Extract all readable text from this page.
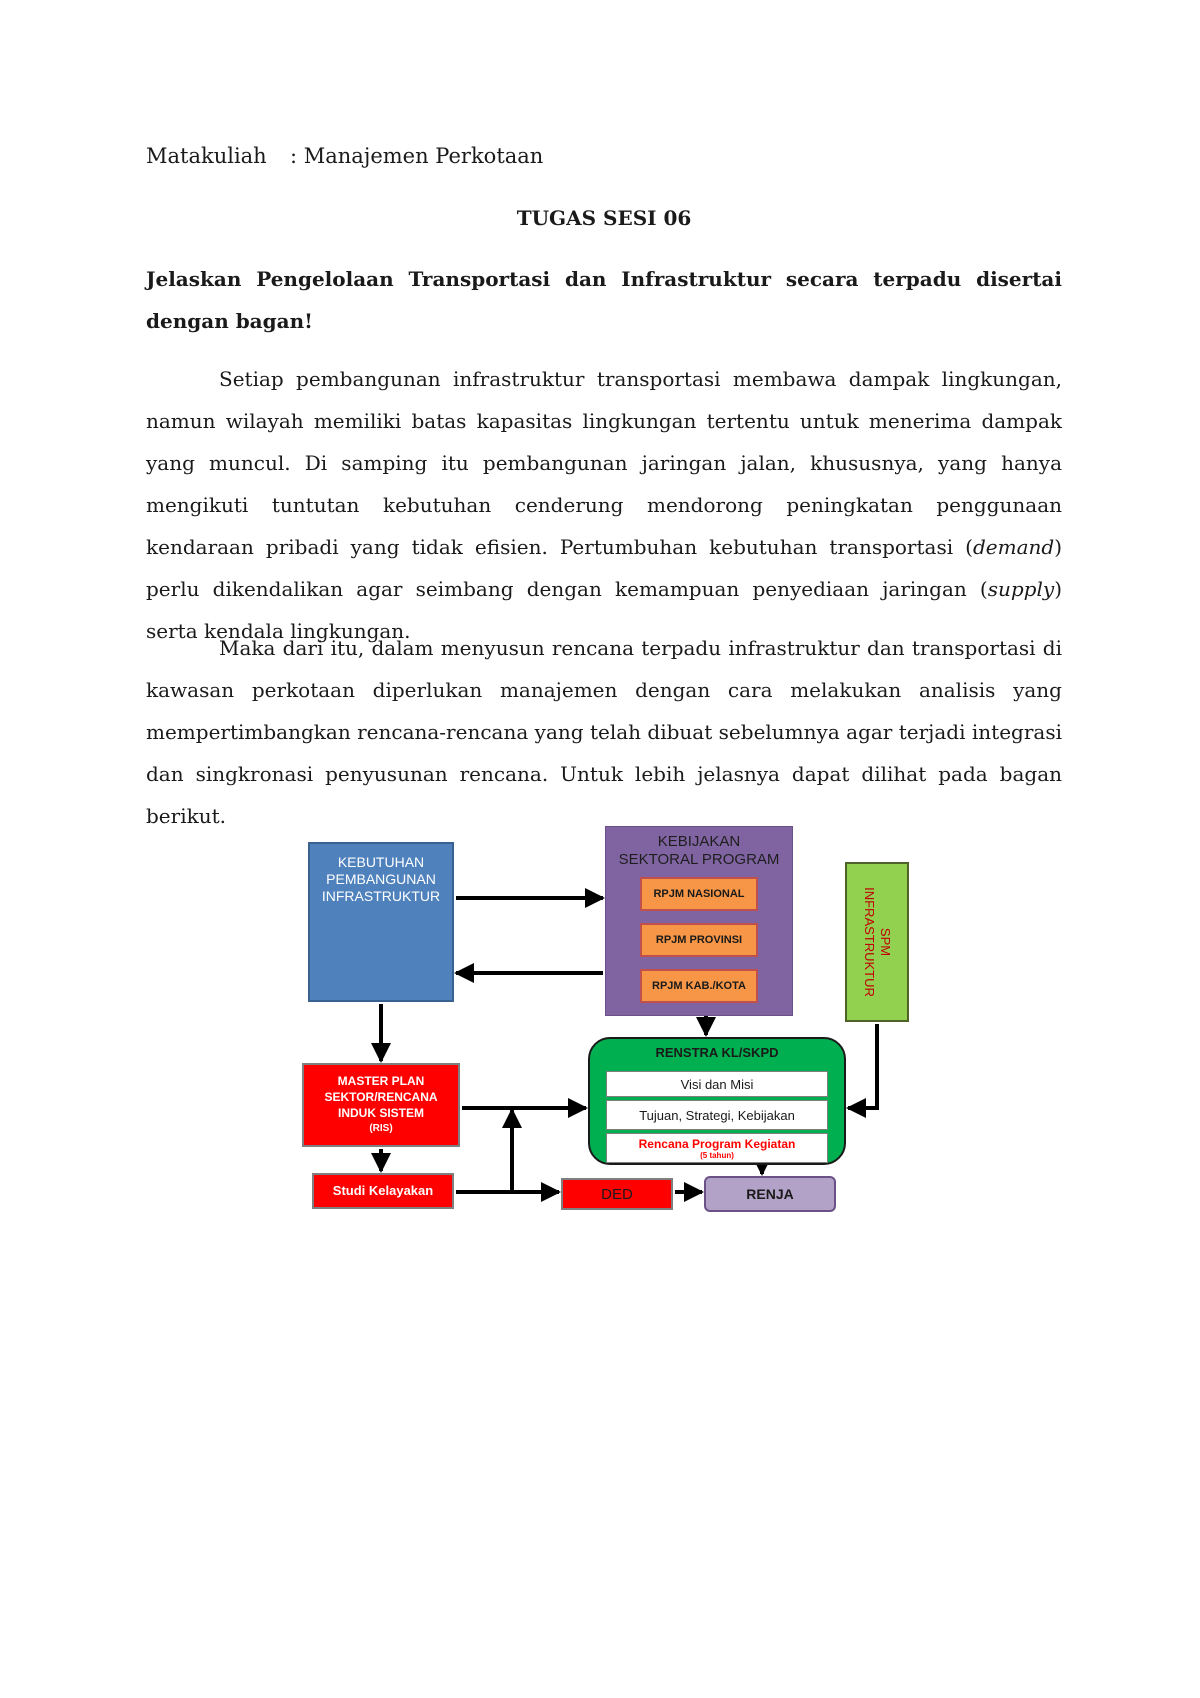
Matakuliah : Manajemen Perkotaan
TUGAS SESI 06
Jelaskan Pengelolaan Transportasi dan Infrastruktur secara terpadu disertai dengan bagan!
Setiap pembangunan infrastruktur transportasi membawa dampak lingkungan, namun wilayah memiliki batas kapasitas lingkungan tertentu untuk menerima dampak yang muncul. Di samping itu pembangunan jaringan jalan, khususnya, yang hanya mengikuti tuntutan kebutuhan cenderung mendorong peningkatan penggunaan kendaraan pribadi yang tidak efisien. Pertumbuhan kebutuhan transportasi (demand) perlu dikendalikan agar seimbang dengan kemampuan penyediaan jaringan (supply) serta kendala lingkungan.
Maka dari itu, dalam menyusun rencana terpadu infrastruktur dan transportasi di kawasan perkotaan diperlukan manajemen dengan cara melakukan analisis yang mempertimbangkan rencana-rencana yang telah dibuat sebelumnya agar terjadi integrasi dan singkronasi penyusunan rencana. Untuk lebih jelasnya dapat dilihat pada bagan berikut.
KEBUTUHAN
PEMBANGUNAN
INFRASTRUKTUR
KEBIJAKAN
SEKTORAL PROGRAM
RPJM NASIONAL
RPJM PROVINSI
RPJM KAB./KOTA
SPM
INFRASTRUKTUR
RENSTRA KL/SKPD
Visi dan Misi
Tujuan, Strategi, Kebijakan
Rencana Program Kegiatan
(5 tahun)
MASTER PLAN
SEKTOR/RENCANA
INDUK SISTEM
(RIS)
Studi Kelayakan	DED	RENJA
